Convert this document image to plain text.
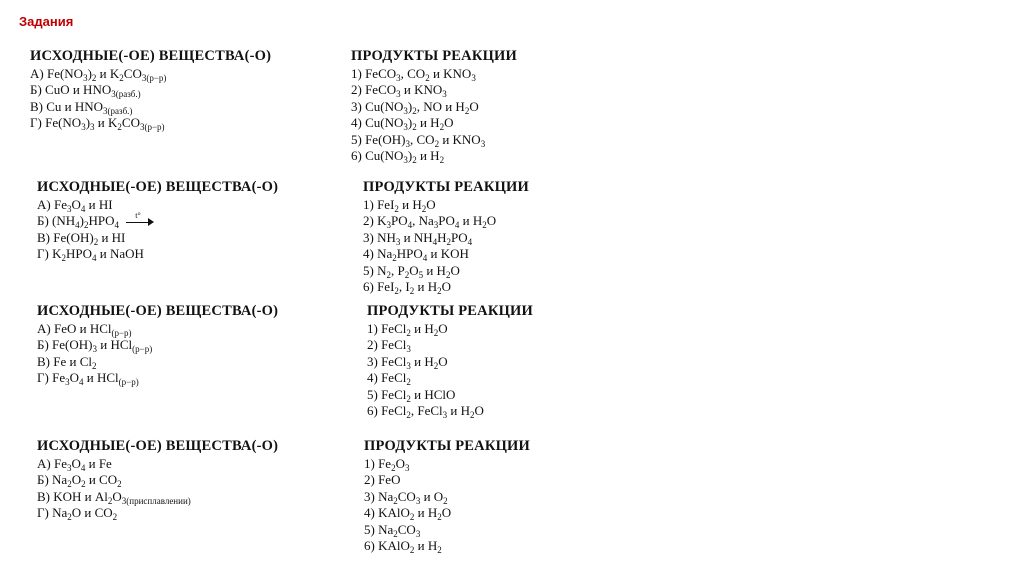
Задания
ИСХОДНЫЕ(-ОЕ) ВЕЩЕСТВА(-О)
А) $Fe(NO_3)_2$ и $K_2CO_{3(р-р)}$
Б) CuO и $HNO_{3(разб.)}$
В) Cu и $HNO_{3(разб.)}$
Г) $Fe(NO_3)_3$ и $K_2CO_{3(р-р)}$
ПРОДУКТЫ РЕАКЦИИ
1) FeCO$_3$, $CO_2$ и $KNO_3$
2) FeCO$_3$ и $KNO_3$
3) $Cu(NO_3)_2$, NO и $H_2O$
4) $Cu(NO_3)_2$ и $H_2O$
5) $Fe(OH)_3$, $CO_2$ и $KNO_3$
6) $Cu(NO_3)_2$ и $H_2$
ИСХОДНЫЕ(-ОЕ) ВЕЩЕСТВА(-О)
А) $Fe_3O_4$ и HI
Б) $(NH_4)_2HPO_4$
t°
В) $Fe(OH)_2$ и HI
Г) $K_2HPO_4$ и NaOH
ПРОДУКТЫ РЕАКЦИИ
1) FeI$_2$ и $H_2O$
2) $K_3PO_4$, $Na_3PO_4$ и $H_2O$
3) $NH_3$ и $NH_4H_2PO_4$
4) $Na_2HPO_4$ и KOH
5) $N_2$, $P_2O_5$ и $H_2O$
6) FeI$_2$, $I_2$ и $H_2O$
ИСХОДНЫЕ(-ОЕ) ВЕЩЕСТВА(-О)
А) FeO и HCl$_{(р-р)}$
Б) $Fe(OH)_3$ и HCl$_{(р-р)}$
В) Fe и $Cl_2$
Г) $Fe_3O_4$ и HCl$_{(р-р)}$
ПРОДУКТЫ РЕАКЦИИ
1) FeCl$_2$ и $H_2O$
2) FeCl$_3$
3) FeCl$_3$ и $H_2O$
4) FeCl$_2$
5) FeCl$_2$ и HClO
6) FeCl$_2$, FeCl$_3$ и $H_2O$
ИСХОДНЫЕ(-ОЕ) ВЕЩЕСТВА(-О)
А) $Fe_3O_4$ и Fe
Б) $Na_2O_2$ и $CO_2$
В) KOH и $Al_2O_{3(присплавлении)}$
Г) $Na_2O$ и $CO_2$
ПРОДУКТЫ РЕАКЦИИ
1) $Fe_2O_3$
2) FeO
3) $Na_2CO_3$ и $O_2$
4) KAlO$_2$ и $H_2O$
5) $Na_2CO_3$
6) KAlO$_2$ и $H_2$
